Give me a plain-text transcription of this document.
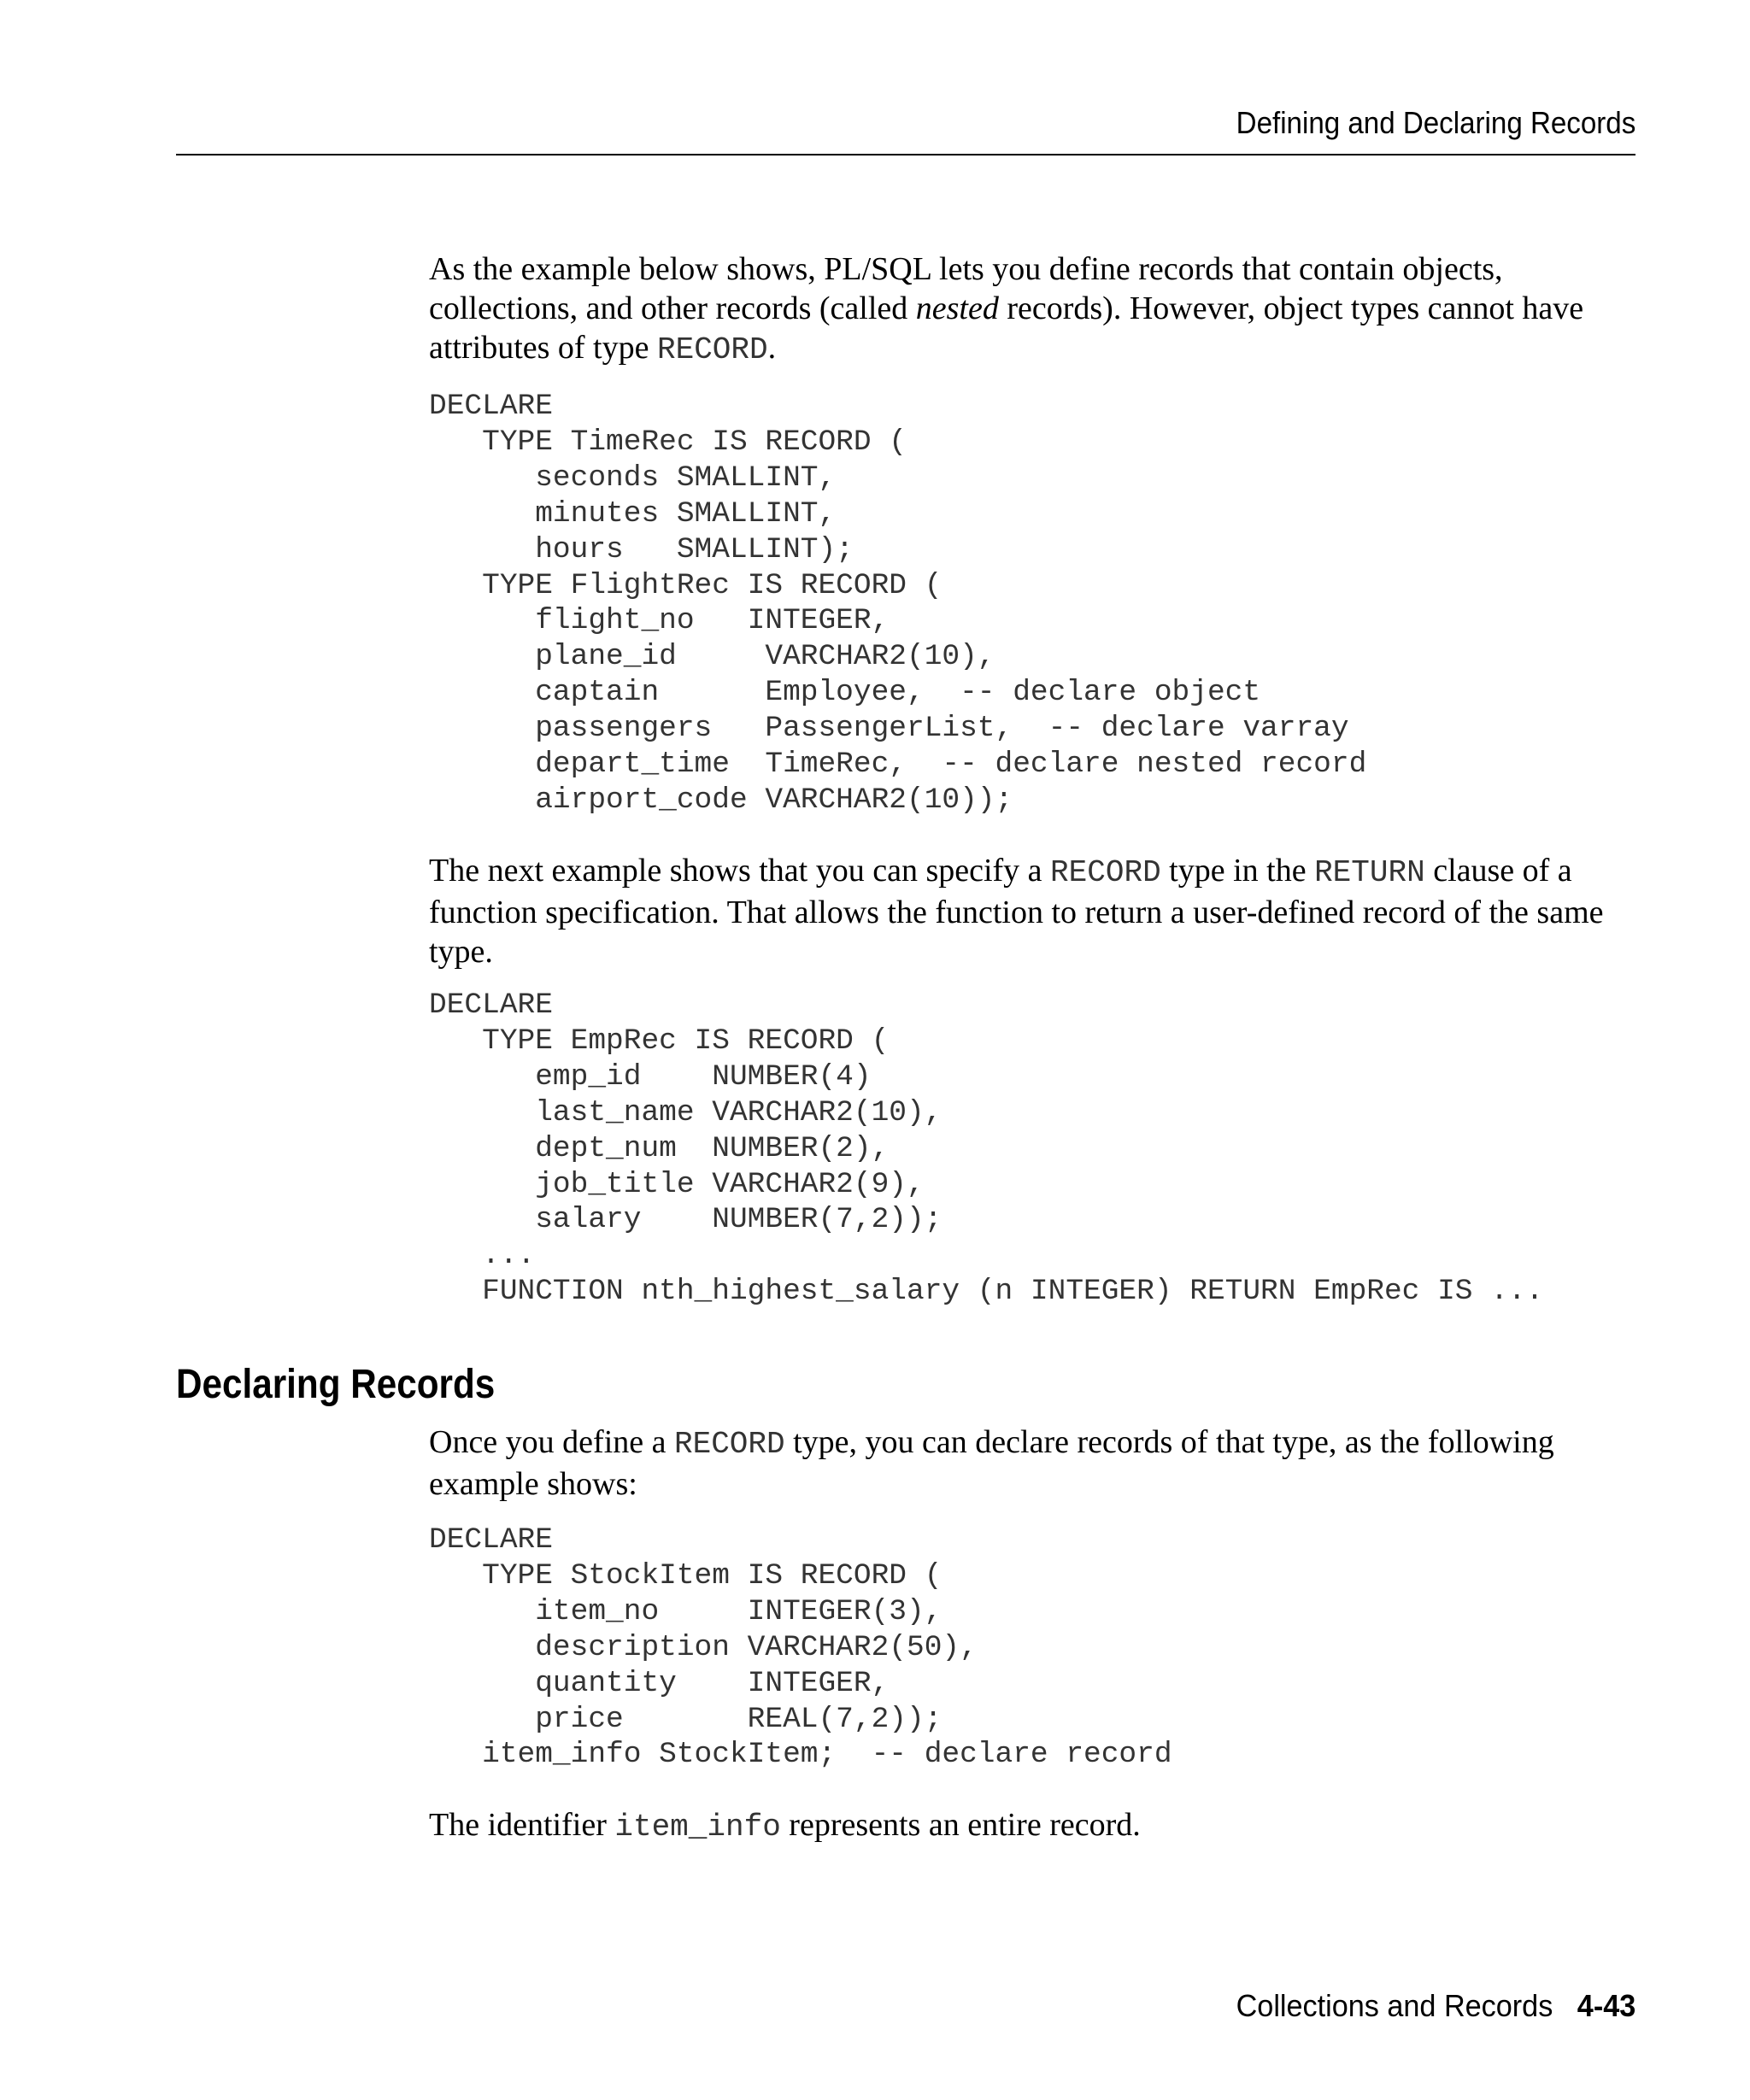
Defining and Declaring Records

As the example below shows, PL/SQL lets you define records that contain objects, collections, and other records (called nested records). However, object types cannot have attributes of type RECORD.

DECLARE
TYPE TimeRec IS RECORD (
seconds SMALLINT,
minutes SMALLINT,
hours   SMALLINT);
TYPE FlightRec IS RECORD (
flight_no   INTEGER,
plane_id     VARCHAR2(10),
captain      Employee,  -- declare object
passengers   PassengerList,  -- declare varray
depart_time  TimeRec,  -- declare nested record
airport_code VARCHAR2(10));

The next example shows that you can specify a RECORD type in the RETURN clause of a function specification. That allows the function to return a user-defined record of the same type.

DECLARE
TYPE EmpRec IS RECORD (
emp_id    NUMBER(4)
last_name VARCHAR2(10),
dept_num  NUMBER(2),
job_title VARCHAR2(9),
salary    NUMBER(7,2));
...
FUNCTION nth_highest_salary (n INTEGER) RETURN EmpRec IS ...
Declaring Records

Once you define a RECORD type, you can declare records of that type, as the following example shows:

DECLARE
TYPE StockItem IS RECORD (
item_no     INTEGER(3),
description VARCHAR2(50),
quantity    INTEGER,
price       REAL(7,2));
item_info StockItem;  -- declare record

The identifier item_info represents an entire record.

Collections and Records 4-43
